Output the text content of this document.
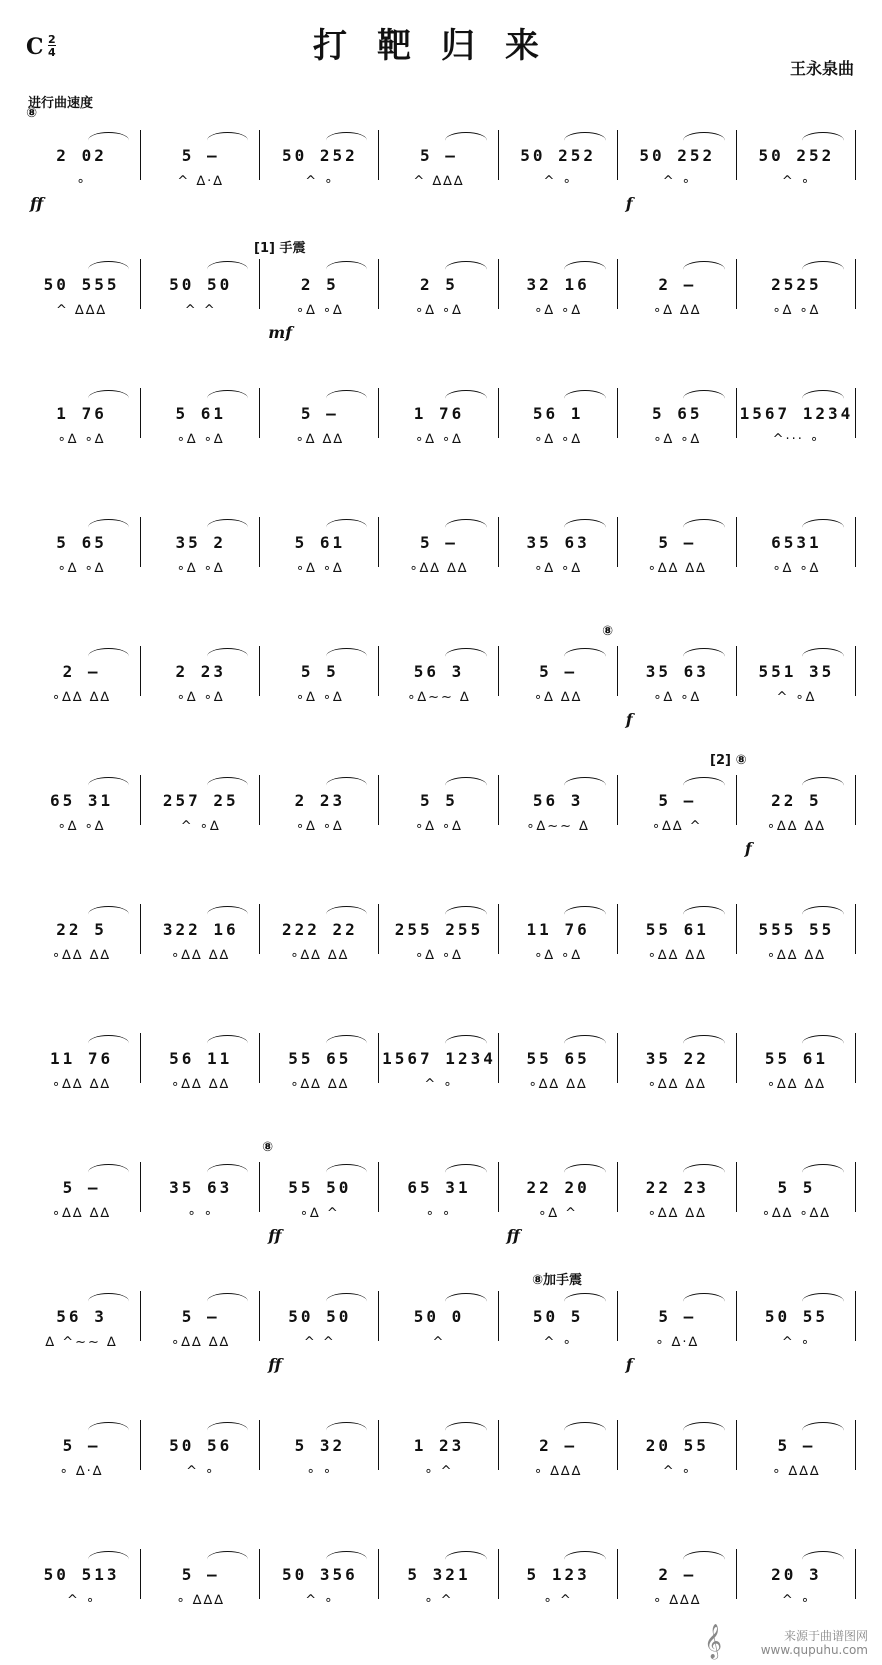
打靶归来
C 2
4
王永泉曲
进行曲速度
⑧
2 02
∘
ff
5 –
^ ∆·∆
50 252
^ ∘
5 –
^ ∆∆∆
50 252
^ ∘
50 252
^ ∘
f
50 252
^ ∘
[1] 手震
50 555
^ ∆∆∆
50 50
^ ^
2 5
∘∆ ∘∆
mf
2 5
∘∆ ∘∆
32 16
∘∆ ∘∆
2 –
∘∆ ∆∆
2525
∘∆ ∘∆
1 76
∘∆ ∘∆
5 61
∘∆ ∘∆
5 –
∘∆ ∆∆
1 76
∘∆ ∘∆
56 1
∘∆ ∘∆
5 65
∘∆ ∘∆
1567 1234
^··· ∘
5 65
∘∆ ∘∆
35 2
∘∆ ∘∆
5 61
∘∆ ∘∆
5 –
∘∆∆ ∆∆
35 63
∘∆ ∘∆
5 –
∘∆∆ ∆∆
6531
∘∆ ∘∆
⑧
2 –
∘∆∆ ∆∆
2 23
∘∆ ∘∆
5 5
∘∆ ∘∆
56 3
∘∆~~ ∆
5 –
∘∆ ∆∆
35 63
∘∆ ∘∆
f
551 35
^ ∘∆
[2] ⑧
65 31
∘∆ ∘∆
257 25
^ ∘∆
2 23
∘∆ ∘∆
5 5
∘∆ ∘∆
56 3
∘∆~~ ∆
5 –
∘∆∆ ^
22 5
∘∆∆ ∆∆
f
22 5
∘∆∆ ∆∆
322 16
∘∆∆ ∆∆
222 22
∘∆∆ ∆∆
255 255
∘∆ ∘∆
11 76
∘∆ ∘∆
55 61
∘∆∆ ∆∆
555 55
∘∆∆ ∆∆
11 76
∘∆∆ ∆∆
56 11
∘∆∆ ∆∆
55 65
∘∆∆ ∆∆
1567 1234
^ ∘
55 65
∘∆∆ ∆∆
35 22
∘∆∆ ∆∆
55 61
∘∆∆ ∆∆
⑧
5 –
∘∆∆ ∆∆
35 63
∘ ∘
55 50
∘∆ ^
ff
65 31
∘ ∘
22 20
∘∆ ^
ff
22 23
∘∆∆ ∆∆
5 5
∘∆∆ ∘∆∆
⑧加手震
56 3
∆ ^~~ ∆
5 –
∘∆∆ ∆∆
50 50
^ ^
ff
50 0
^
50 5
^ ∘
5 –
∘ ∆·∆
f
50 55
^ ∘
5 –
∘ ∆·∆
50 56
^ ∘
5 32
∘ ∘
1 23
∘ ^
2 –
∘ ∆∆∆
20 55
^ ∘
5 –
∘ ∆∆∆
50 513
^ ∘
5 –
∘ ∆∆∆
50 356
^ ∘
5 321
∘ ^
5 123
∘ ^
2 –
∘ ∆∆∆
20 3
^ ∘
𝄞	来源于曲谱图网
www.qupuhu.com
